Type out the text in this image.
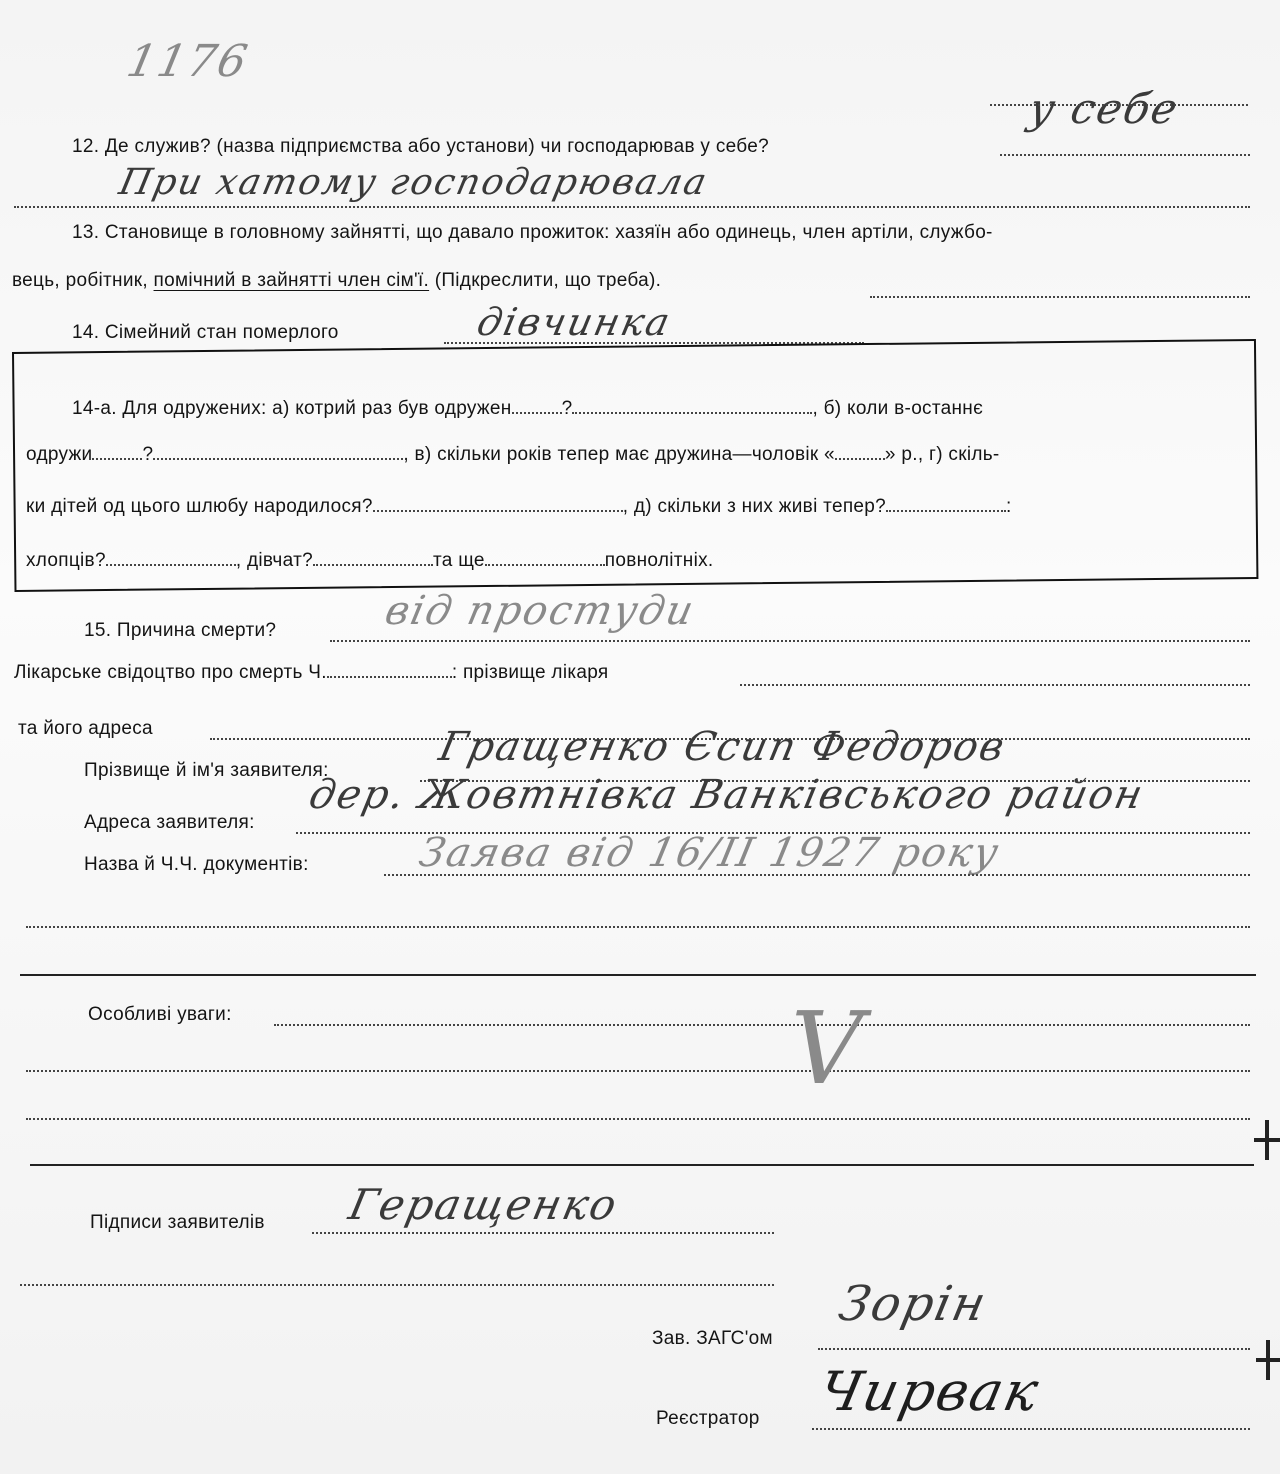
1176
12. Де служив? (назва підприємства або установи) чи господарював у себе?
у себе
При хатому господарювала
13. Становище в головному зайнятті, що давало прожиток: хазяїн або одинець, член артіли, службо-
вець, робітник, помічний в зайнятті член сім'ї. (Підкреслити, що треба).
14. Сімейний стан померлого	дівчинка
14-а. Для одружених: а) котрий раз був одружен	?	, б) коли в-останнє
одружи	?	, в) скільки років тепер має дружина—чоловік «	» р., г) скіль-
ки дітей од цього шлюбу народилося?	, д) скільки з них живі тепер?	:
хлопців?	, дівчат?	та ще	повнолітніх.
15. Причина смерти?	від простуди
Лікарське свідоцтво про смерть Ч.	: прізвище лікаря
та його адреса
Прізвище й ім'я заявителя:
Гращенко Єсип Федоров
Адреса заявителя:
дер. Жовтнівка Ванківського район
Назва й Ч.Ч. документів:	Заява від 16/II 1927 року
Особливі уваги:	V
Підписи заявителів Геращенко
Зав. ЗАГС'ом
Зорін
Реєстратор Чирвак
